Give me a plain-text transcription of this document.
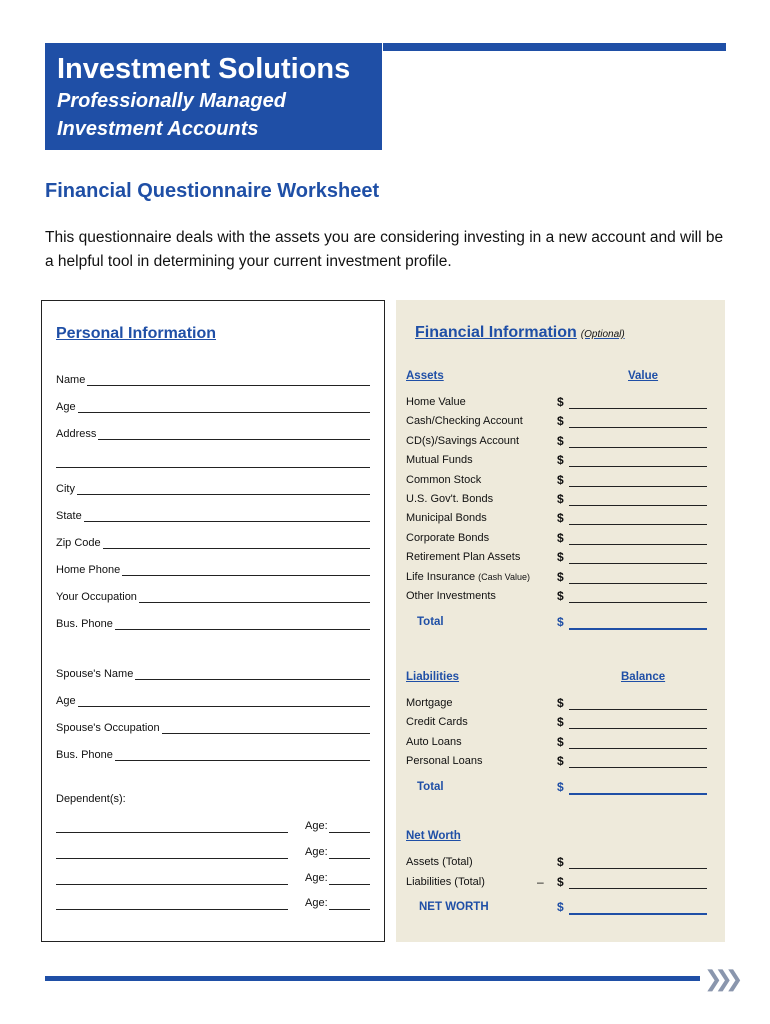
Investment Solutions
Professionally Managed
Investment Accounts
Financial Questionnaire Worksheet
This questionnaire deals with the assets you are considering investing in a new account and will be a helpful tool in determining your current investment profile.
Personal Information
Name
Age
Address
City
State
Zip Code
Home Phone
Your Occupation
Bus. Phone
Spouse's Name
Age
Spouse's Occupation
Bus. Phone
Dependent(s):
Age:
Age:
Age:
Age:
Financial Information (Optional)
Assets	Value
Home Value	$
Cash/Checking Account	$
CD(s)/Savings Account	$
Mutual Funds	$
Common Stock	$
U.S. Gov't. Bonds	$
Municipal Bonds	$
Corporate Bonds	$
Retirement Plan Assets	$
Life Insurance (Cash Value) $
Other Investments	$
Total	$
Liabilities	Balance
Mortgage	$
Credit Cards	$
Auto Loans	$
Personal Loans	$
Total	$
Net Worth
Assets (Total)	$
Liabilities (Total)	– $
NET WORTH	$
❯❯❯
